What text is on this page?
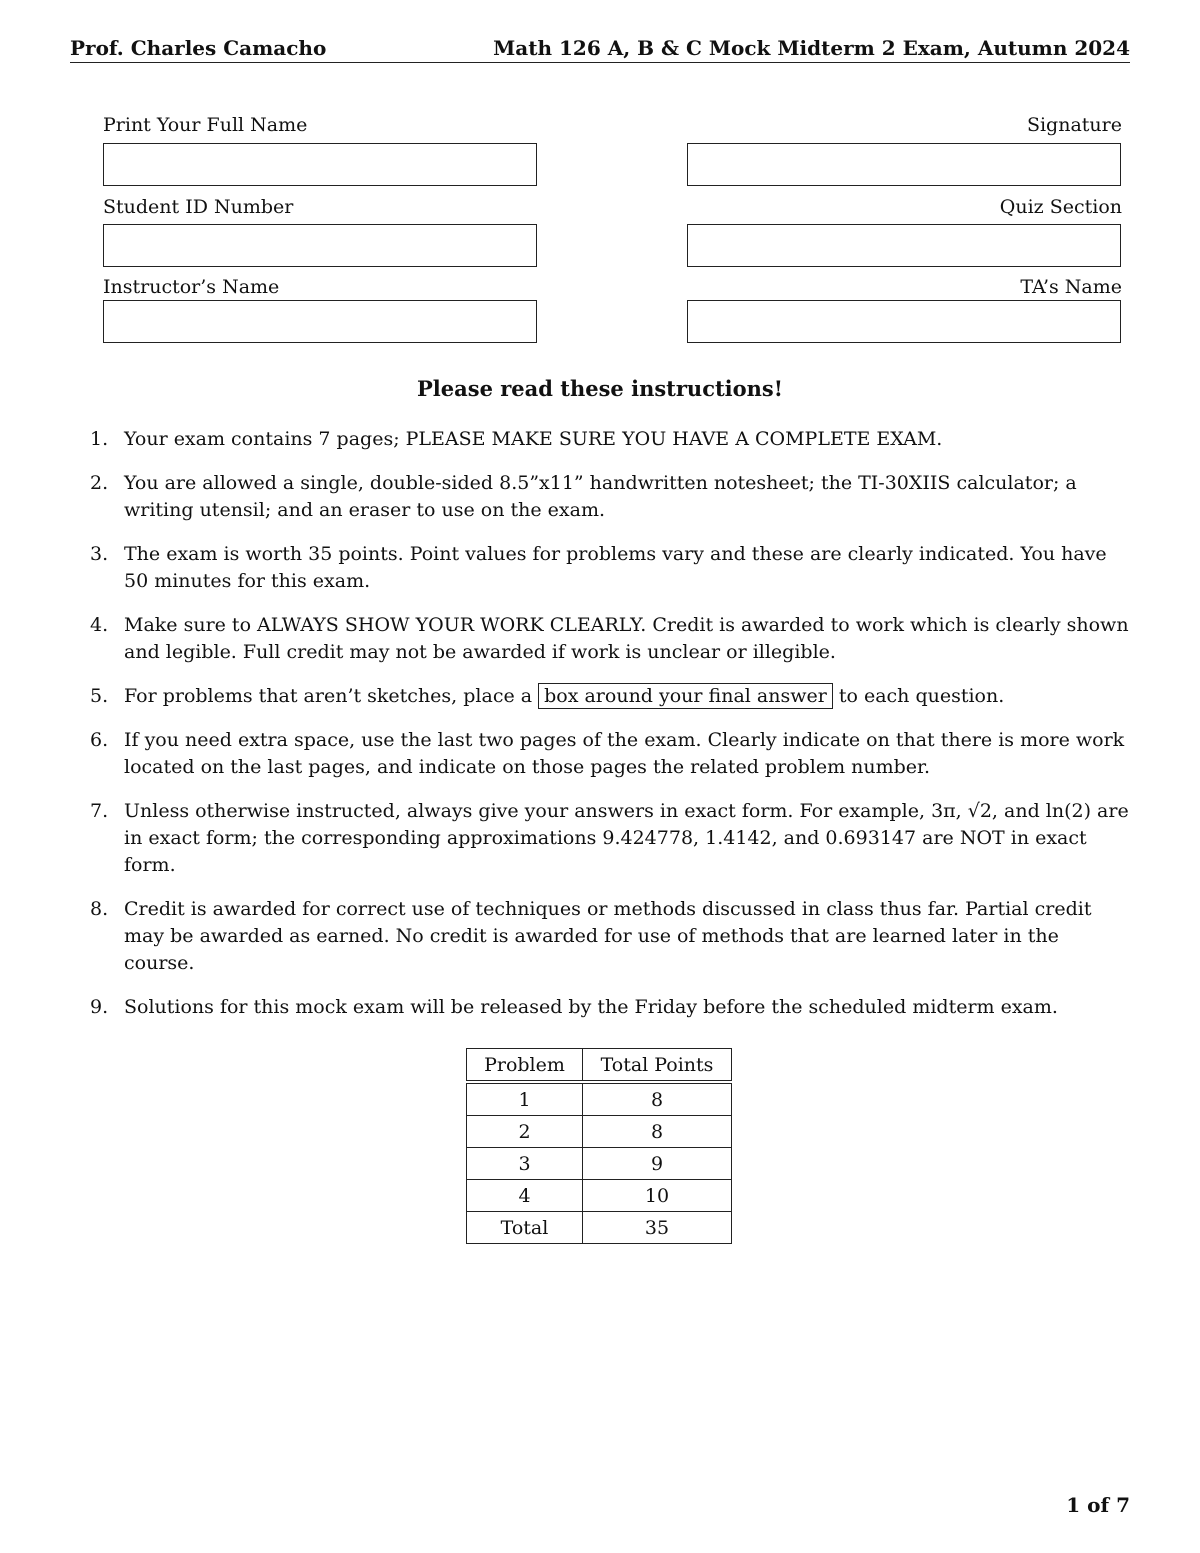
Prof. Charles Camacho	Math 126 A, B & C Mock Midterm 2 Exam, Autumn 2024
Print Your Full Name	Signature
Student ID Number	Quiz Section
Instructor’s Name	TA’s Name
Please read these instructions!
1. Your exam contains 7 pages; PLEASE MAKE SURE YOU HAVE A COMPLETE EXAM.
2. You are allowed a single, double-sided 8.5”x11” handwritten notesheet; the TI-30XIIS calculator; a writing utensil; and an eraser to use on the exam.
3. The exam is worth 35 points. Point values for problems vary and these are clearly indicated. You have 50 minutes for this exam.
4. Make sure to ALWAYS SHOW YOUR WORK CLEARLY. Credit is awarded to work which is clearly shown and legible. Full credit may not be awarded if work is unclear or illegible.
5. For problems that aren’t sketches, place a box around your final answer to each question.
6. If you need extra space, use the last two pages of the exam. Clearly indicate on that there is more work located on the last pages, and indicate on those pages the related problem number.
7. Unless otherwise instructed, always give your answers in exact form. For example, 3π, √2, and ln(2) are in exact form; the corresponding approximations 9.424778, 1.4142, and 0.693147 are NOT in exact form.
8. Credit is awarded for correct use of techniques or methods discussed in class thus far. Partial credit may be awarded as earned. No credit is awarded for use of methods that are learned later in the course.
9. Solutions for this mock exam will be released by the Friday before the scheduled midterm exam.
Problem	Total Points
1	8
2	8
3	9
4	10
Total	35
1 of 7
